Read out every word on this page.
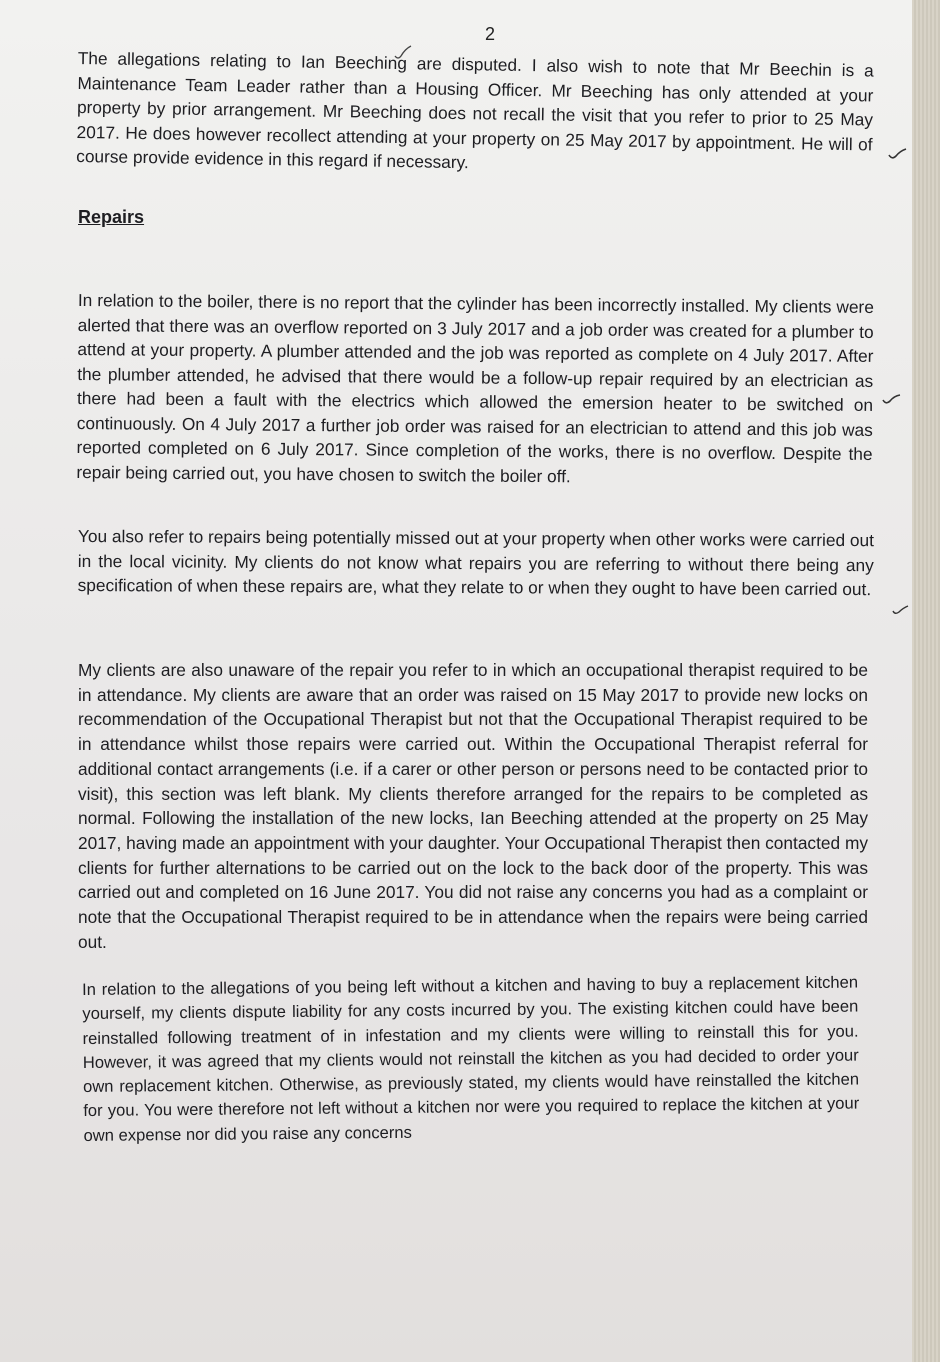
2

The allegations relating to Ian Beeching are disputed. I also wish to note that Mr Beechin is a Maintenance Team Leader rather than a Housing Officer. Mr Beeching has only attended at your property by prior arrangement. Mr Beeching does not recall the visit that you refer to prior to 25 May 2017. He does however recollect attending at your property on 25 May 2017 by appointment. He will of course provide evidence in this regard if necessary.

Repairs

In relation to the boiler, there is no report that the cylinder has been incorrectly installed. My clients were alerted that there was an overflow reported on 3 July 2017 and a job order was created for a plumber to attend at your property. A plumber attended and the job was reported as complete on 4 July 2017. After the plumber attended, he advised that there would be a follow-up repair required by an electrician as there had been a fault with the electrics which allowed the emersion heater to be switched on continuously. On 4 July 2017 a further job order was raised for an electrician to attend and this job was reported completed on 6 July 2017. Since completion of the works, there is no overflow. Despite the repair being carried out, you have chosen to switch the boiler off.

You also refer to repairs being potentially missed out at your property when other works were carried out in the local vicinity. My clients do not know what repairs you are referring to without there being any specification of when these repairs are, what they relate to or when they ought to have been carried out.

My clients are also unaware of the repair you refer to in which an occupational therapist required to be in attendance. My clients are aware that an order was raised on 15 May 2017 to provide new locks on recommendation of the Occupational Therapist but not that the Occupational Therapist required to be in attendance whilst those repairs were carried out. Within the Occupational Therapist referral for additional contact arrangements (i.e. if a carer or other person or persons need to be contacted prior to visit), this section was left blank. My clients therefore arranged for the repairs to be completed as normal. Following the installation of the new locks, Ian Beeching attended at the property on 25 May 2017, having made an appointment with your daughter. Your Occupational Therapist then contacted my clients for further alternations to be carried out on the lock to the back door of the property. This was carried out and completed on 16 June 2017. You did not raise any concerns you had as a complaint or note that the Occupational Therapist required to be in attendance when the repairs were being carried out.

In relation to the allegations of you being left without a kitchen and having to buy a replacement kitchen yourself, my clients dispute liability for any costs incurred by you. The existing kitchen could have been reinstalled following treatment of in infestation and my clients were willing to reinstall this for you. However, it was agreed that my clients would not reinstall the kitchen as you had decided to order your own replacement kitchen. Otherwise, as previously stated, my clients would have reinstalled the kitchen for you. You were therefore not left without a kitchen nor were you required to replace the kitchen at your own expense nor did you raise any concerns
